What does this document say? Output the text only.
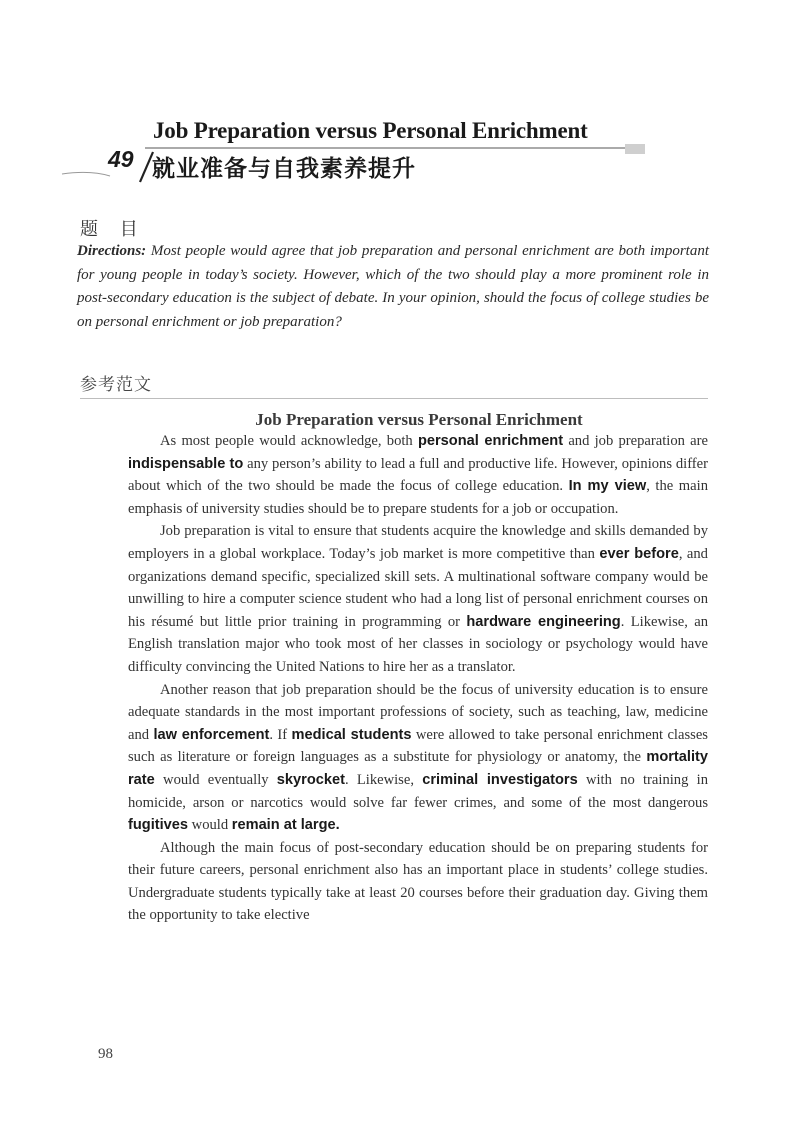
Job Preparation versus Personal Enrichment
49 就业准备与自我素养提升
题 目
Directions: Most people would agree that job preparation and personal enrichment are both important for young people in today’s society. However, which of the two should play a more prominent role in post-secondary education is the subject of debate. In your opinion, should the focus of college studies be on personal enrichment or job preparation?
参考范文
Job Preparation versus Personal Enrichment

As most people would acknowledge, both personal enrichment and job preparation are indispensable to any person’s ability to lead a full and productive life. However, opinions differ about which of the two should be made the focus of college education. In my view, the main emphasis of university studies should be to prepare students for a job or occupation.

Job preparation is vital to ensure that students acquire the knowledge and skills demanded by employers in a global workplace. Today’s job market is more competitive than ever before, and organizations demand specific, specialized skill sets. A multinational software company would be unwilling to hire a computer science student who had a long list of personal enrichment courses on his résumé but little prior training in programming or hardware engineering. Likewise, an English translation major who took most of her classes in sociology or psychology would have difficulty convincing the United Nations to hire her as a translator.

Another reason that job preparation should be the focus of university education is to ensure adequate standards in the most important professions of society, such as teaching, law, medicine and law enforcement. If medical students were allowed to take personal enrichment classes such as literature or foreign languages as a substitute for physiology or anatomy, the mortality rate would eventually skyrocket. Likewise, criminal investigators with no training in homicide, arson or narcotics would solve far fewer crimes, and some of the most dangerous fugitives would remain at large.

Although the main focus of post-secondary education should be on preparing students for their future careers, personal enrichment also has an important place in students’ college studies. Undergraduate students typically take at least 20 courses before their graduation day. Giving them the opportunity to take elective

98
